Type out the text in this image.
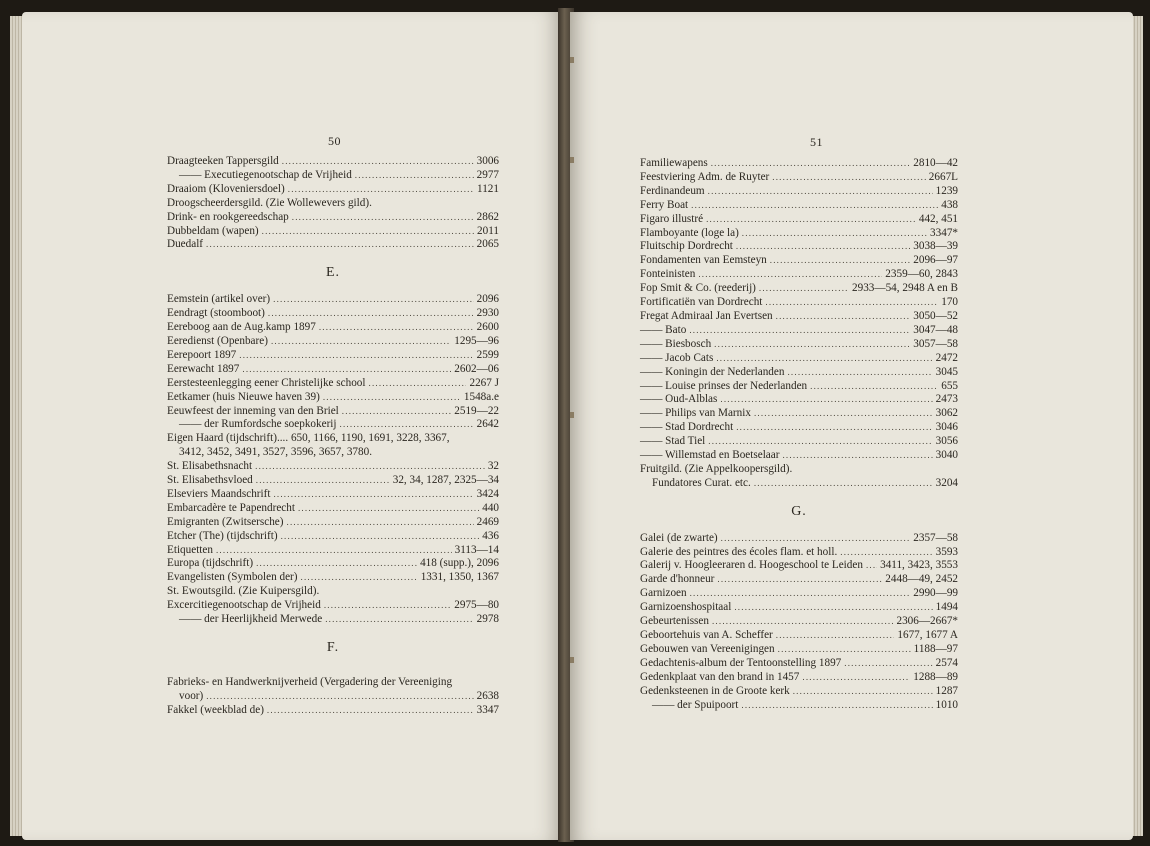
50
Draagteeken Tappersgild .....	3006
—— Executiegenootschap de Vrijheid .....	2977
Draaiom (Kloveniersdoel) .....	1121
Droogscheerdersgild. (Zie Wollewevers gild).
Drink- en rookgereedschap .....	2862
Dubbeldam (wapen) .....	2011
Duedalf .....	2065
E.
Eemstein (artikel over) .....	2096
Eendragt (stoomboot) .....	2930
Eereboog aan de Aug.kamp 1897 .....	2600
Eeredienst (Openbare) .....	1295—96
Eerepoort 1897 .....	2599
Eerewacht 1897 .....	2602—06
Eerstesteenlegging eener Christelijke school .....	2267 J
Eetkamer (huis Nieuwe haven 39) .....	1548a.e
Eeuwfeest der inneming van den Briel .....	2519—22
—— der Rumfordsche soepkokerij .....	2642
Eigen Haard (tijdschrift).... 650, 1166, 1190, 1691, 3228, 3367,
3412, 3452, 3491, 3527, 3596, 3657, 3780.
St. Elisabethsnacht .....	32
St. Elisabethsvloed .....	32, 34, 1287, 2325—34
Elseviers Maandschrift .....	3424
Embarcadère te Papendrecht .....	440
Emigranten (Zwitsersche) .....	2469
Etcher (The) (tijdschrift) .....	436
Etiquetten .....	3113—14
Europa (tijdschrift) .....	418 (supp.), 2096
Evangelisten (Symbolen der) .....	1331, 1350, 1367
St. Ewoutsgild. (Zie Kuipersgild).
Excercitiegenootschap de Vrijheid .....	2975—80
—— der Heerlijkheid Merwede .....	2978
F.
Fabrieks- en Handwerknijverheid (Vergadering der Vereeniging
voor) .....	2638
Fakkel (weekblad de) .....	3347
51
Familiewapens .....	2810—42
Feestviering Adm. de Ruyter .....	2667L
Ferdinandeum .....	1239
Ferry Boat .....	438
Figaro illustré .....	442, 451
Flamboyante (loge la) .....	3347*
Fluitschip Dordrecht .....	3038—39
Fondamenten van Eemsteyn .....	2096—97
Fonteinisten .....	2359—60, 2843
Fop Smit & Co. (reederij) .....	2933—54, 2948 A en B
Fortificatiën van Dordrecht .....	170
Fregat Admiraal Jan Evertsen .....	3050—52
—— Bato .....	3047—48
—— Biesbosch .....	3057—58
—— Jacob Cats .....	2472
—— Koningin der Nederlanden .....	3045
—— Louise prinses der Nederlanden .....	655
—— Oud-Alblas .....	2473
—— Philips van Marnix .....	3062
—— Stad Dordrecht .....	3046
—— Stad Tiel .....	3056
—— Willemstad en Boetselaar .....	3040
Fruitgild. (Zie Appelkoopersgild).
Fundatores Curat. etc. .....	3204
G.
Galei (de zwarte) .....	2357—58
Galerie des peintres des écoles flam. et holl. .....	3593
Galerij v. Hoogleeraren d. Hoogeschool te Leiden ..... 3411, 3423, 3553
Garde d'honneur .....	2448—49, 2452
Garnizoen .....	2990—99
Garnizoenshospitaal .....	1494
Gebeurtenissen .....	2306—2667*
Geboortehuis van A. Scheffer .....	1677, 1677 A
Gebouwen van Vereenigingen .....	1188—97
Gedachtenis-album der Tentoonstelling 1897 .....	2574
Gedenkplaat van den brand in 1457 .....	1288—89
Gedenksteenen in de Groote kerk .....	1287
—— der Spuipoort .....	1010
